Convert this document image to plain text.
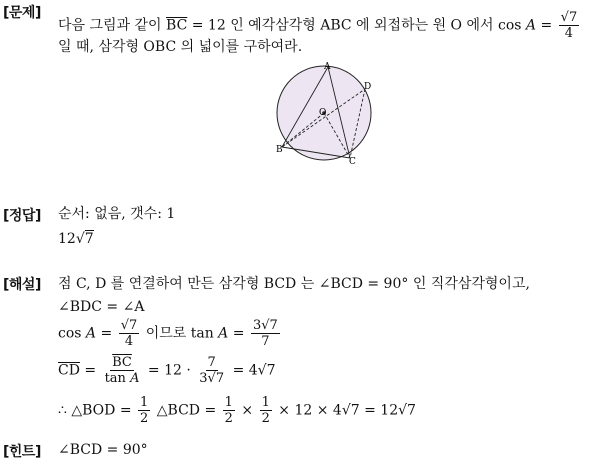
[문제]
다음 그림과 같이 $\overline{BC} = 12$ 인 예각삼각형 ABC 에 외접하는 원 O 에서 $\cos A = \frac{√7}{4}$
일 때, 삼각형 OBC 의 넓이를 구하여라.
A
D
O
B
C
[정답] 순서: 없음, 갯수: 1
12√7
[해설] 점 C, D 를 연결하여 만든 삼각형 BCD 는 ∠BCD = 90° 인 직각삼각형이고,
∠BDC = ∠A
$\cos A = \frac{√7}{4}$ 이므로 $\tan A = \frac{3√7}{7}$
$\overline{CD} = \frac{\overline{BC}}{\text{tan A}} = 12 \cdot \frac{7}{3√7} = 4√7$
∴ △BOD = $\frac{1}{2}$ △BCD = $\frac{1}{2} \times \frac{1}{2} \times 12 \times 4√7 = 12√7$
[힌트] ∠BCD = 90°
